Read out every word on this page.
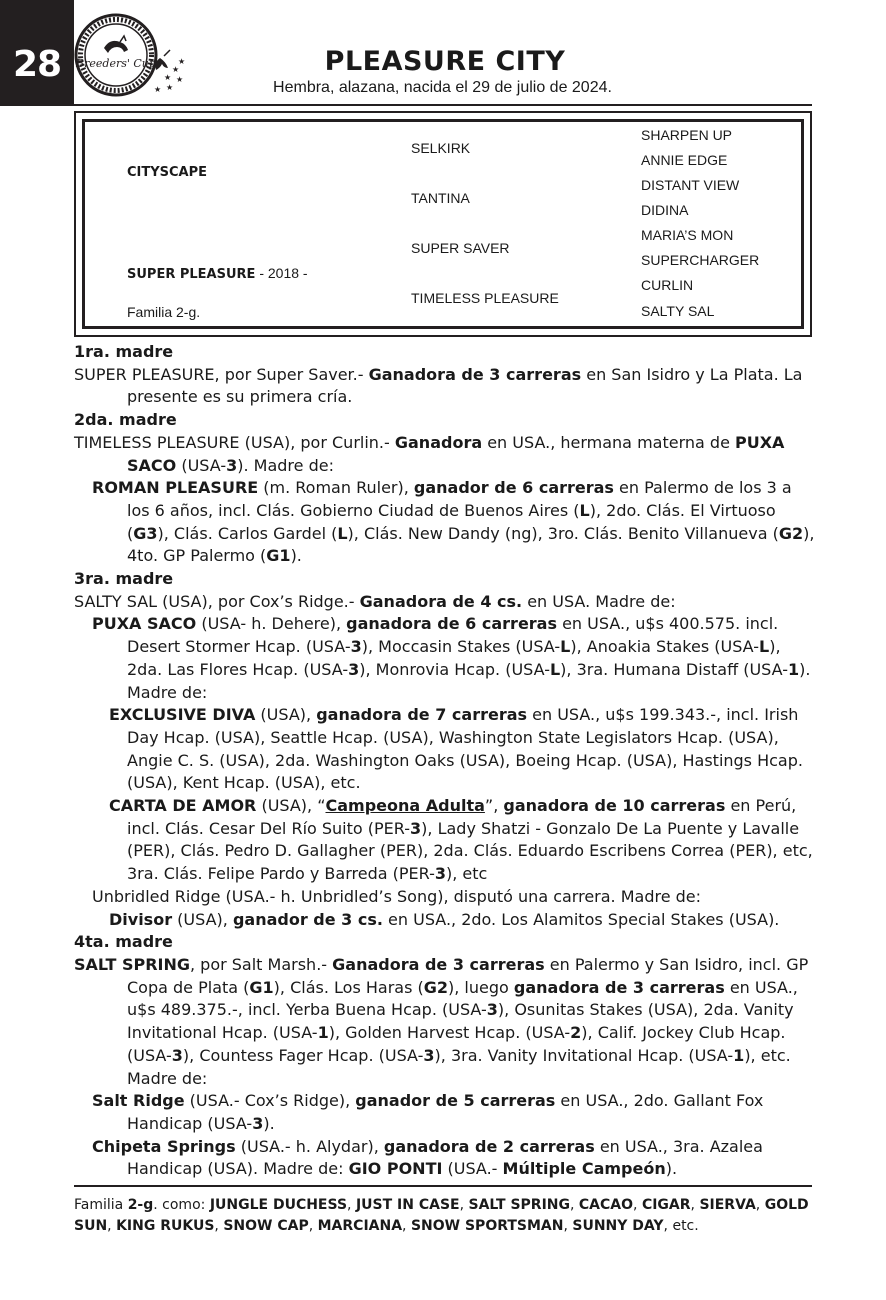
28	Breeders' Cup
★
★
★
★ ★
★
PLEASURE CITY
Hembra, alazana, nacida el 29 de julio de 2024.
CITYSCAPE
SUPER PLEASURE - 2018 -
Familia 2-g.
SELKIRK
TANTINA
SUPER SAVER
TIMELESS PLEASURE
SHARPEN UP
ANNIE EDGE
DISTANT VIEW
DIDINA
MARIA’S MON
SUPERCHARGER
CURLIN
SALTY SAL

1ra. madre

SUPER PLEASURE, por Super Saver.- Ganadora de 3 carreras en San Isidro y La Plata. La presente es su primera cría.

2da. madre

TIMELESS PLEASURE (USA), por Curlin.- Ganadora en USA., hermana materna de PUXA SACO (USA-3). Madre de:

ROMAN PLEASURE (m. Roman Ruler), ganador de 6 carreras en Palermo de los 3 a los 6 años, incl. Clás. Gobierno Ciudad de Buenos Aires (L), 2do. Clás. El Virtuoso (G3), Clás. Carlos Gardel (L), Clás. New Dandy (ng), 3ro. Clás. Benito Villanueva (G2), 4to. GP Palermo (G1).

3ra. madre

SALTY SAL (USA), por Cox’s Ridge.- Ganadora de 4 cs. en USA. Madre de:

PUXA SACO (USA- h. Dehere), ganadora de 6 carreras en USA., u$s 400.575. incl. Desert Stormer Hcap. (USA-3), Moccasin Stakes (USA-L), Anoakia Stakes (USA-L), 2da. Las Flores Hcap. (USA-3), Monrovia Hcap. (USA-L), 3ra. Humana Distaff (USA-1). Madre de:

EXCLUSIVE DIVA (USA), ganadora de 7 carreras en USA., u$s 199.343.-, incl. Irish Day Hcap. (USA), Seattle Hcap. (USA), Washington State Legislators Hcap. (USA), Angie C. S. (USA), 2da. Washington Oaks (USA), Boeing Hcap. (USA), Hastings Hcap. (USA), Kent Hcap. (USA), etc.

CARTA DE AMOR (USA), “Campeona Adulta”, ganadora de 10 carreras en Perú, incl. Clás. Cesar Del Río Suito (PER-3), Lady Shatzi - Gonzalo De La Puente y Lavalle (PER), Clás. Pedro D. Gallagher (PER), 2da. Clás. Eduardo Escribens Correa (PER), etc, 3ra. Clás. Felipe Pardo y Barreda (PER-3), etc

Unbridled Ridge (USA.- h. Unbridled’s Song), disputó una carrera. Madre de:

Divisor (USA), ganador de 3 cs. en USA., 2do. Los Alamitos Special Stakes (USA).

4ta. madre

SALT SPRING, por Salt Marsh.- Ganadora de 3 carreras en Palermo y San Isidro, incl. GP Copa de Plata (G1), Clás. Los Haras (G2), luego ganadora de 3 carreras en USA., u$s 489.375.-, incl. Yerba Buena Hcap. (USA-3), Osunitas Stakes (USA), 2da. Vanity Invitational Hcap. (USA-1), Golden Harvest Hcap. (USA-2), Calif. Jockey Club Hcap. (USA-3), Countess Fager Hcap. (USA-3), 3ra. Vanity Invitational Hcap. (USA-1), etc. Madre de:

Salt Ridge (USA.- Cox’s Ridge), ganador de 5 carreras en USA., 2do. Gallant Fox Handicap (USA-3).

Chipeta Springs (USA.- h. Alydar), ganadora de 2 carreras en USA., 3ra. Azalea Handicap (USA). Madre de: GIO PONTI (USA.- Múltiple Campeón).

Familia 2-g. como: JUNGLE DUCHESS, JUST IN CASE, SALT SPRING, CACAO, CIGAR, SIERVA, GOLD SUN, KING RUKUS, SNOW CAP, MARCIANA, SNOW SPORTSMAN, SUNNY DAY, etc.
